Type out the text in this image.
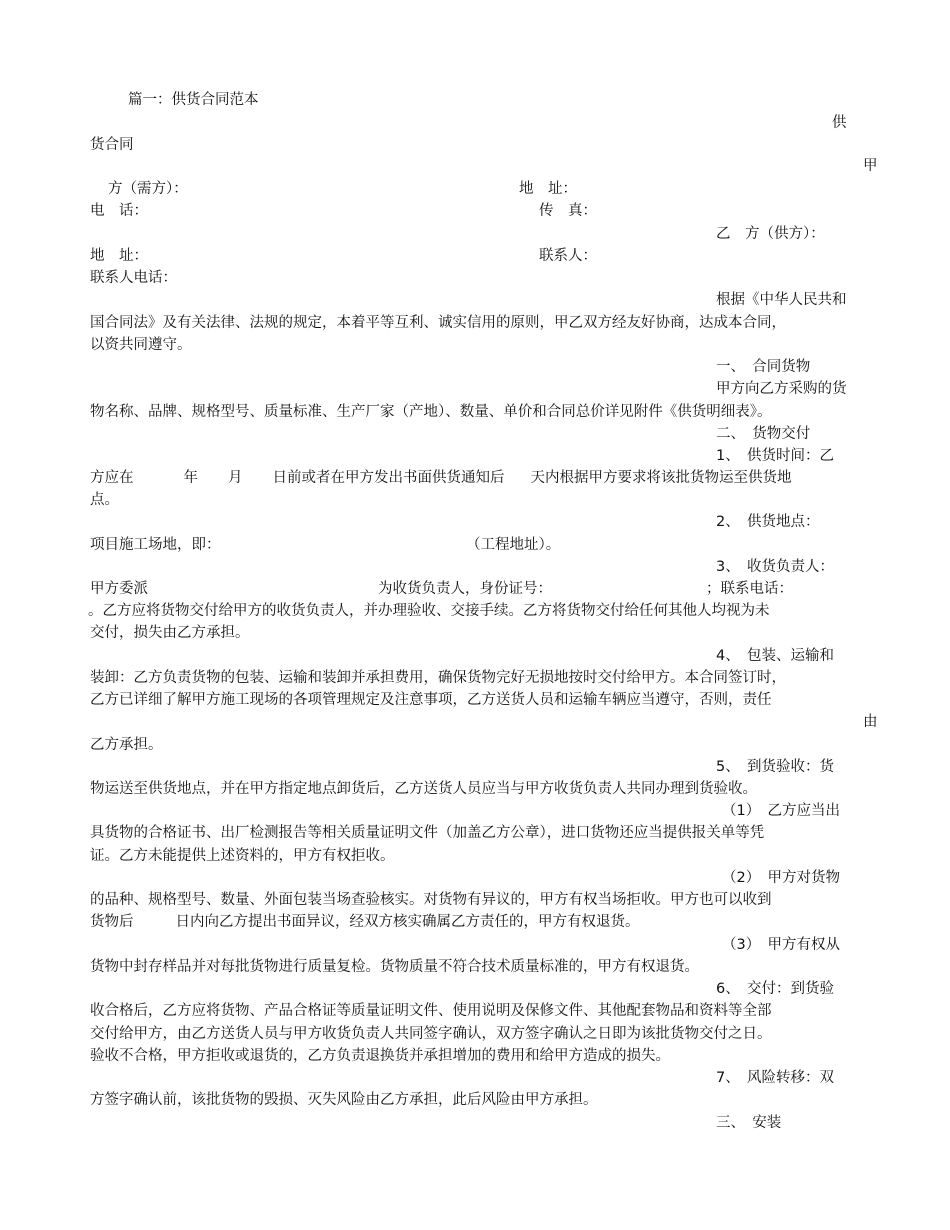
篇一：供货合同范本
供
货合同
甲
方（需方）：	地　址：
电　话：	传　真：
乙　方（供方）：
地　址：	联系人：
联系人电话：
根据《中华人民共和
国合同法》及有关法律、法规的规定，本着平等互利、诚实信用的原则，甲乙双方经友好协商，达成本合同，
以资共同遵守。
一、　合同货物
甲方向乙方采购的货
物名称、品牌、规格型号、质量标准、生产厂家（产地）、数量、单价和合同总价详见附件《供货明细表》。
二、　货物交付
1、　供货时间：乙
方应在	年 月 日前或者在甲方发出书面供货通知后 天内根据甲方要求将该批货物运至供货地
点。
2、　供货地点：
项目施工场地，即：	（工程地址）。
3、　收货负责人：
甲方委派	为收货负责人，身份证号：	；联系电话：
。乙方应将货物交付给甲方的收货负责人，并办理验收、交接手续。乙方将货物交付给任何其他人均视为未
交付，损失由乙方承担。
4、　包装、运输和
装卸：乙方负责货物的包装、运输和装卸并承担费用，确保货物完好无损地按时交付给甲方。本合同签订时，
乙方已详细了解甲方施工现场的各项管理规定及注意事项，乙方送货人员和运输车辆应当遵守，否则，责任
由
乙方承担。
5、　到货验收：货
物运送至供货地点，并在甲方指定地点卸货后，乙方送货人员应当与甲方收货负责人共同办理到货验收。
（1）　乙方应当出
具货物的合格证书、出厂检测报告等相关质量证明文件（加盖乙方公章），进口货物还应当提供报关单等凭
证。乙方未能提供上述资料的，甲方有权拒收。
（2）　甲方对货物
的品种、规格型号、数量、外面包装当场查验核实。对货物有异议的，甲方有权当场拒收。甲方也可以收到
货物后	日内向乙方提出书面异议，经双方核实确属乙方责任的，甲方有权退货。
（3）　甲方有权从
货物中封存样品并对每批货物进行质量复检。货物质量不符合技术质量标准的，甲方有权退货。
6、　交付：到货验
收合格后，乙方应将货物、产品合格证等质量证明文件、使用说明及保修文件、其他配套物品和资料等全部
交付给甲方，由乙方送货人员与甲方收货负责人共同签字确认，双方签字确认之日即为该批货物交付之日。
验收不合格，甲方拒收或退货的，乙方负责退换货并承担增加的费用和给甲方造成的损失。
7、　风险转移：双
方签字确认前，该批货物的毁损、灭失风险由乙方承担，此后风险由甲方承担。
三、　安装
